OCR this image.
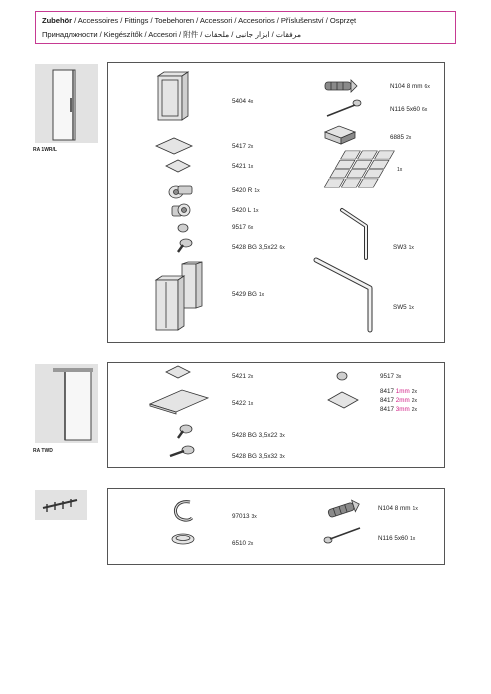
Zubehör / Accessoires / Fittings / Toebehoren / Accessori / Accesorios / Příslušenství / Osprzęt
Принадлжности / Kiegészítők / Accesori / 附件 / مرفقات / ابزار جانبى / ملحقات
RA 1WR/L
5404 4x
5417 2x
5421 1x
5420 R 1x
5420 L 1x
9517 6x
5428 BG 3,5x22 6x
5429 BG 1x
N104 8 mm 6x
N116 5x60 6x
6885 2x
1x
SW3 1x
SW5 1x
RA TWD
5421 2x
5422 1x
5428 BG 3,5x22 3x
5428 BG 3,5x32 3x
9517 3x
8417 1mm 2x
8417 2mm 2x
8417 3mm 2x
97013 3x
6510 2x
N104 8 mm 1x
N116 5x60 1x
